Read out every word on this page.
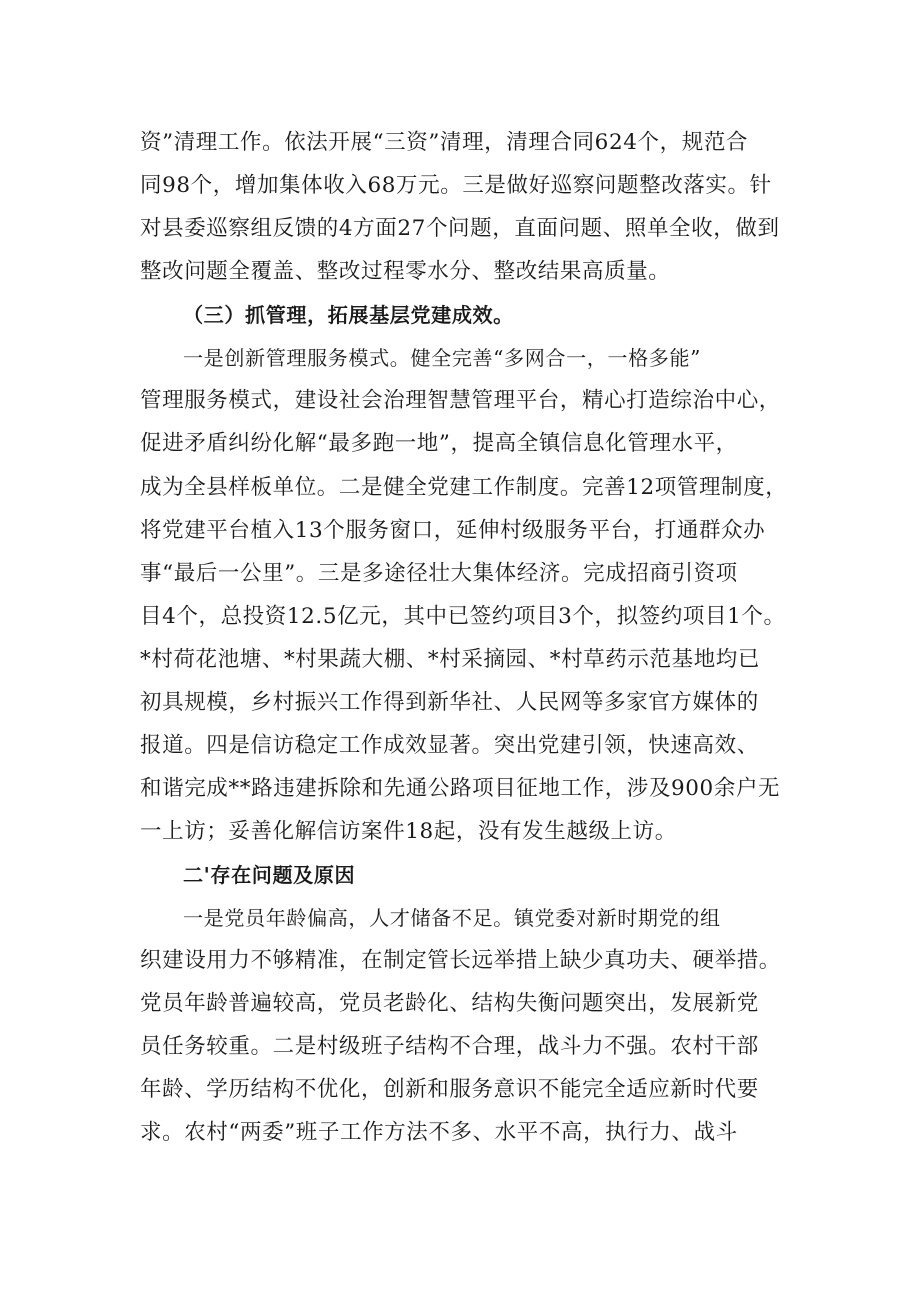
资”清理工作。依法开展“三资”清理，清理合同624个，规范合
同98个，增加集体收入68万元。三是做好巡察问题整改落实。针
对县委巡察组反馈的4方面27个问题，直面问题、照单全收，做到
整改问题全覆盖、整改过程零水分、整改结果高质量。
（三）抓管理，拓展基层党建成效。
一是创新管理服务模式。健全完善“多网合一，一格多能”
管理服务模式，建设社会治理智慧管理平台，精心打造综治中心，
促进矛盾纠纷化解“最多跑一地”，提高全镇信息化管理水平，
成为全县样板单位。二是健全党建工作制度。完善12项管理制度，
将党建平台植入13个服务窗口，延伸村级服务平台，打通群众办
事“最后一公里”。三是多途径壮大集体经济。完成招商引资项
目4个，总投资12.5亿元，其中已签约项目3个，拟签约项目1个。
*村荷花池塘、*村果蔬大棚、*村采摘园、*村草药示范基地均已
初具规模，乡村振兴工作得到新华社、人民网等多家官方媒体的
报道。四是信访稳定工作成效显著。突出党建引领，快速高效、
和谐完成**路违建拆除和先通公路项目征地工作，涉及900余户无
一上访；妥善化解信访案件18起，没有发生越级上访。
二'存在问题及原因
一是党员年龄偏高，人才储备不足。镇党委对新时期党的组
织建设用力不够精准，在制定管长远举措上缺少真功夫、硬举措。
党员年龄普遍较高，党员老龄化、结构失衡问题突出，发展新党
员任务较重。二是村级班子结构不合理，战斗力不强。农村干部
年龄、学历结构不优化，创新和服务意识不能完全适应新时代要
求。农村“两委”班子工作方法不多、水平不高，执行力、战斗
